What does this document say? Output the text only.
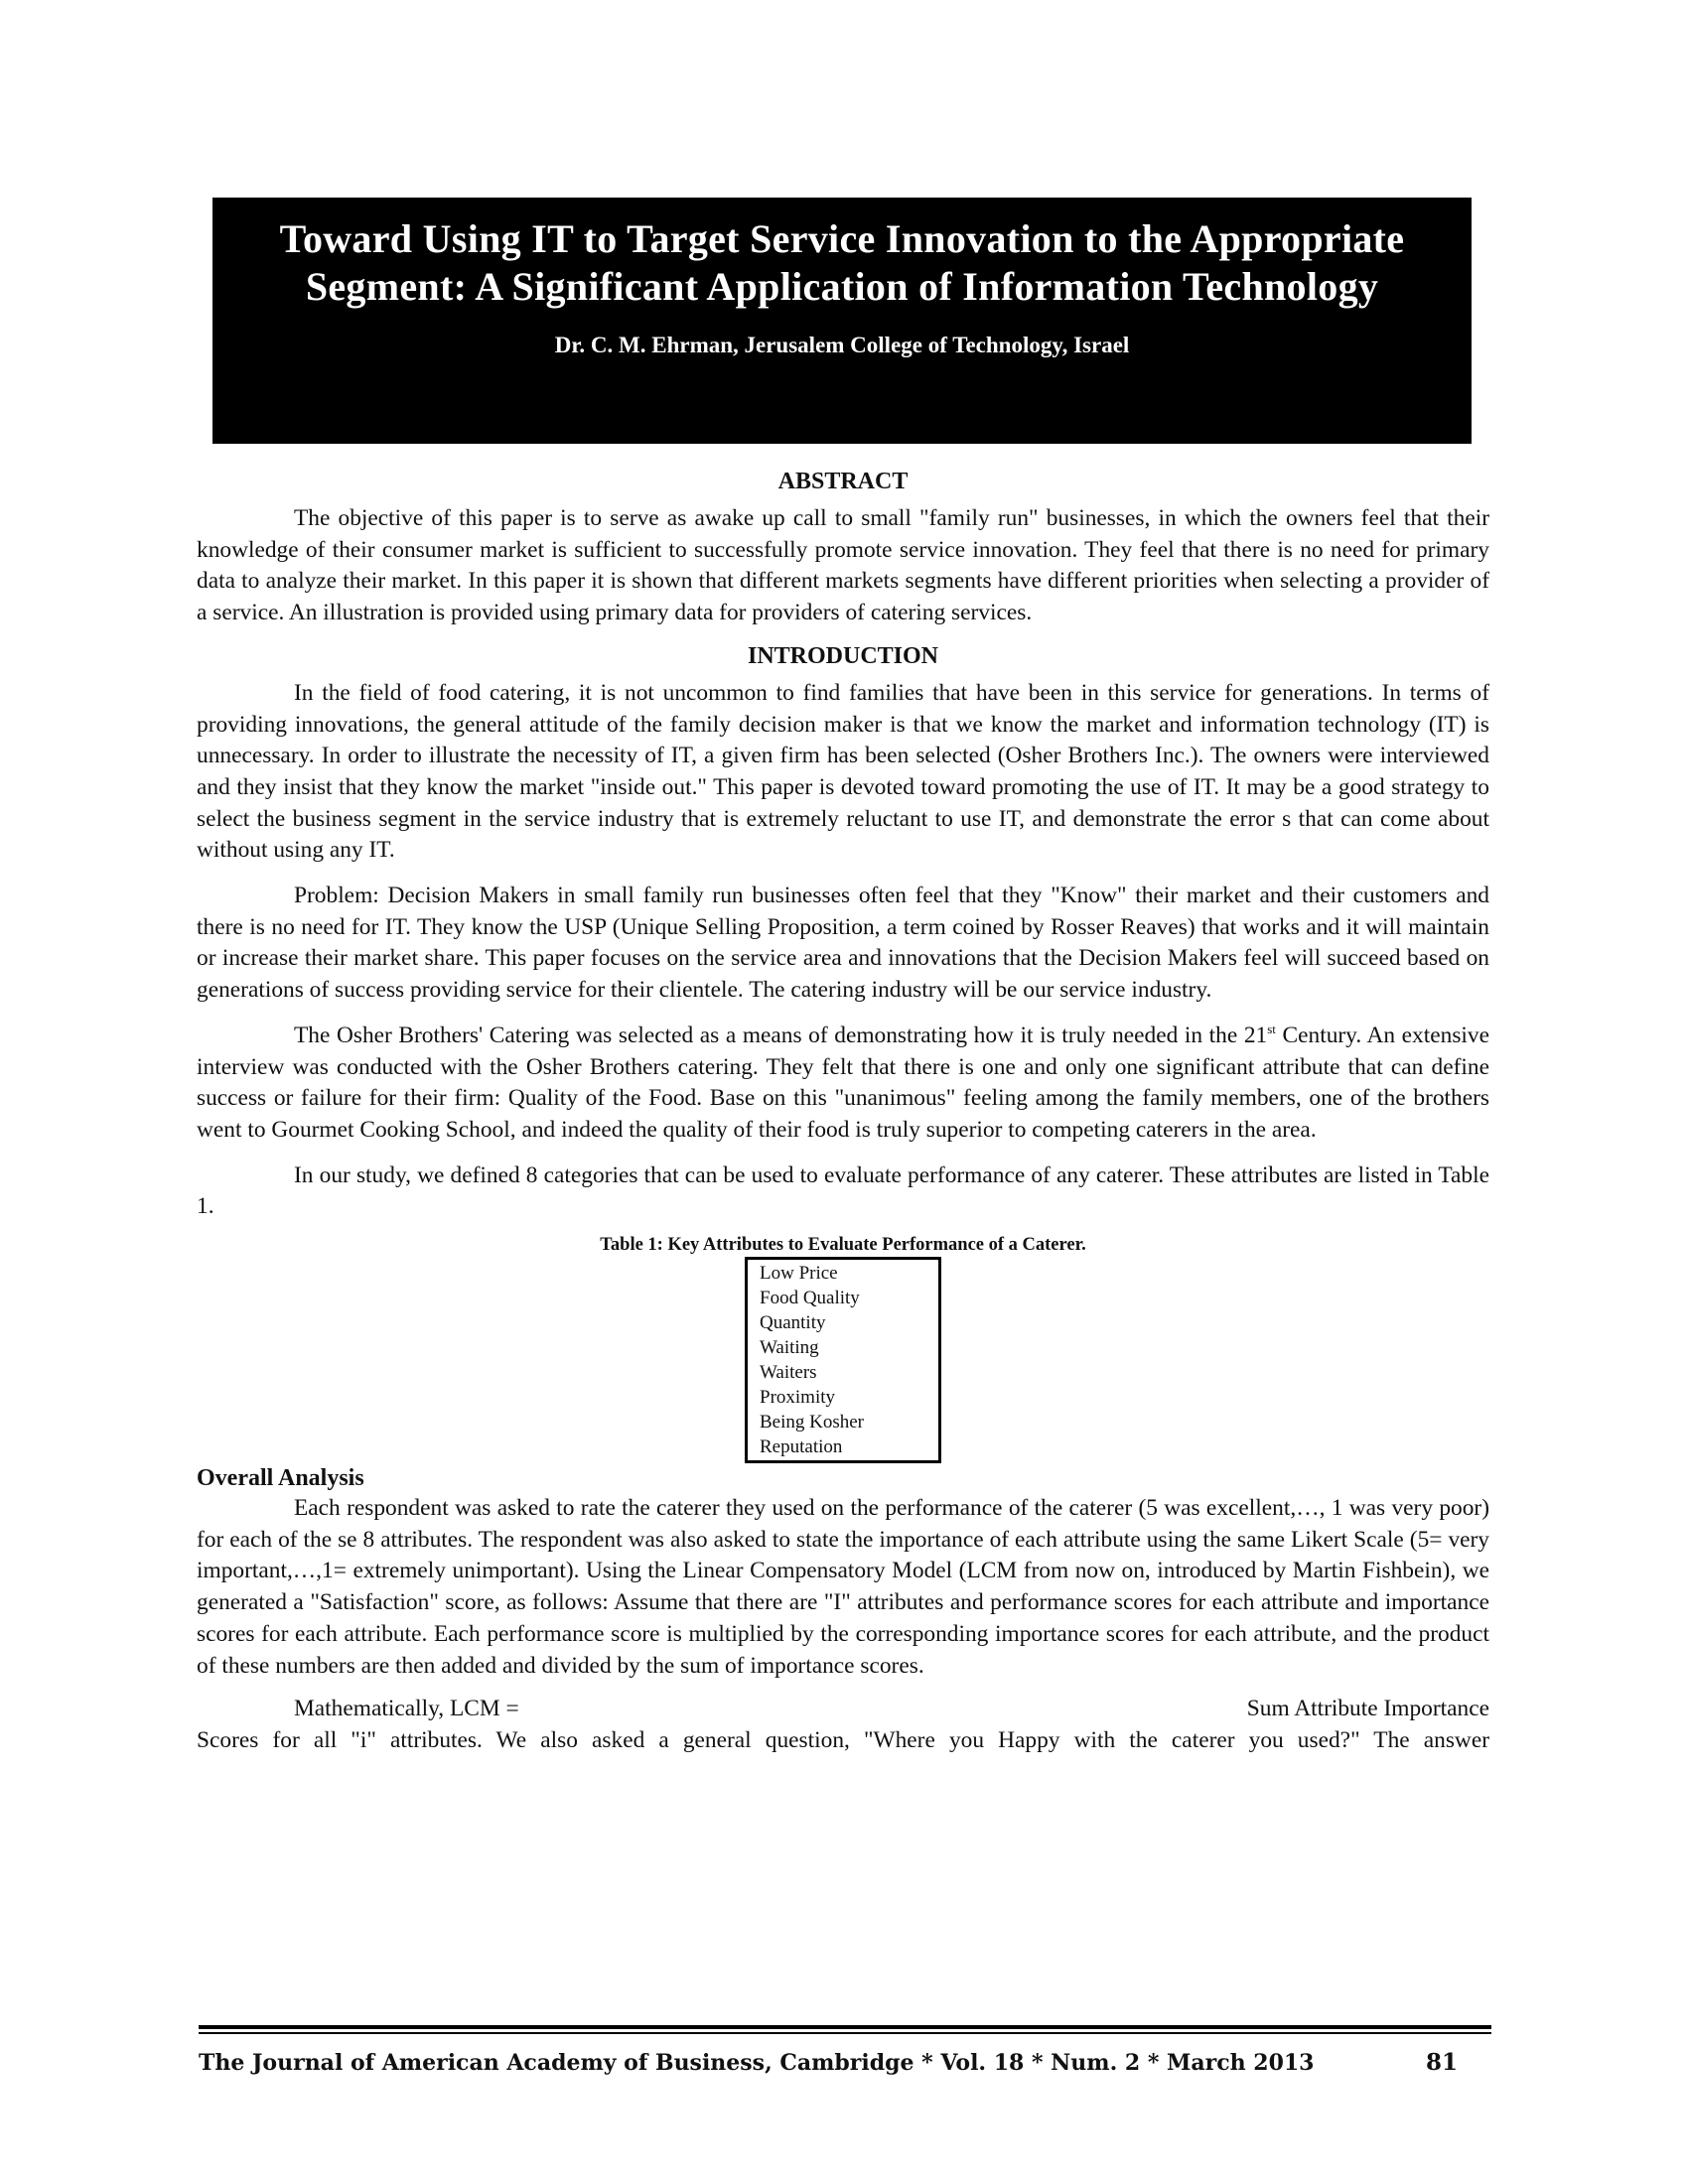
Toward Using IT to Target Service Innovation to the Appropriate Segment: A Significant Application of Information Technology
Dr. C. M. Ehrman, Jerusalem College of Technology, Israel
ABSTRACT

The objective of this paper is to serve as awake up call to small "family run" businesses, in which the owners feel that their knowledge of their consumer market is sufficient to successfully promote service innovation. They feel that there is no need for primary data to analyze their market. In this paper it is shown that different markets segments have different priorities when selecting a provider of a service. An illustration is provided using primary data for providers of catering services.

INTRODUCTION

In the field of food catering, it is not uncommon to find families that have been in this service for generations. In terms of providing innovations, the general attitude of the family decision maker is that we know the market and information technology (IT) is unnecessary. In order to illustrate the necessity of IT, a given firm has been selected (Osher Brothers Inc.). The owners were interviewed and they insist that they know the market "inside out." This paper is devoted toward promoting the use of IT. It may be a good strategy to select the business segment in the service industry that is extremely reluctant to use IT, and demonstrate the error s that can come about without using any IT.

Problem: Decision Makers in small family run businesses often feel that they "Know" their market and their customers and there is no need for IT. They know the USP (Unique Selling Proposition, a term coined by Rosser Reaves) that works and it will maintain or increase their market share. This paper focuses on the service area and innovations that the Decision Makers feel will succeed based on generations of success providing service for their clientele. The catering industry will be our service industry.

The Osher Brothers' Catering was selected as a means of demonstrating how it is truly needed in the 21st Century. An extensive interview was conducted with the Osher Brothers catering. They felt that there is one and only one significant attribute that can define success or failure for their firm: Quality of the Food. Base on this "unanimous" feeling among the family members, one of the brothers went to Gourmet Cooking School, and indeed the quality of their food is truly superior to competing caterers in the area.

In our study, we defined 8 categories that can be used to evaluate performance of any caterer. These attributes are listed in Table 1.

Table 1: Key Attributes to Evaluate Performance of a Caterer.
Low Price
Food Quality
Quantity
Waiting
Waiters
Proximity
Being Kosher
Reputation
Overall Analysis

Each respondent was asked to rate the caterer they used on the performance of the caterer (5 was excellent,…, 1 was very poor) for each of the se 8 attributes. The respondent was also asked to state the importance of each attribute using the same Likert Scale (5= very important,…,1= extremely unimportant). Using the Linear Compensatory Model (LCM from now on, introduced by Martin Fishbein), we generated a "Satisfaction" score, as follows: Assume that there are "I" attributes and performance scores for each attribute and importance scores for each attribute. Each performance score is multiplied by the corresponding importance scores for each attribute, and the product of these numbers are then added and divided by the sum of importance scores.

Mathematically, LCM =	Sum Attribute Importance
Scores for all "i" attributes. We also asked a general question, "Where you Happy with the caterer you used?" The answer
The Journal of American Academy of Business, Cambridge * Vol. 18 * Num. 2 * March 2013	81
